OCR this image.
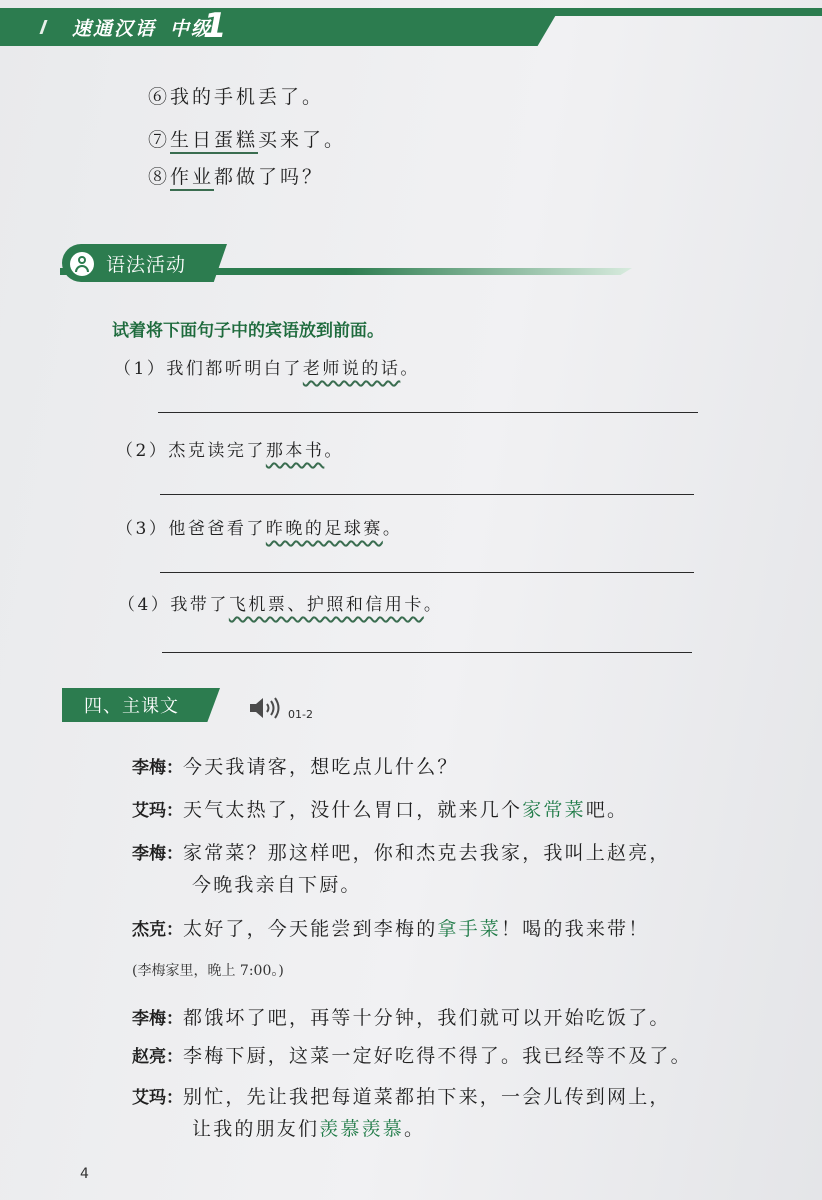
速通汉语 中级
1
⑥我的手机丢了。
⑦生日蛋糕买来了。
⑧作业都做了吗？
语法活动
试着将下面句子中的宾语放到前面。
（1）我们都听明白了老师说的话。
（2）杰克读完了那本书。
（3）他爸爸看了昨晚的足球赛。
（4）我带了飞机票、护照和信用卡。
四、主课文	01-2
李梅：今天我请客，想吃点儿什么？
艾玛：天气太热了，没什么胃口，就来几个家常菜吧。
李梅：家常菜？那这样吧，你和杰克去我家，我叫上赵亮，
今晚我亲自下厨。
杰克：太好了，今天能尝到李梅的拿手菜！喝的我来带！
(李梅家里，晚上 7:00。)
李梅：都饿坏了吧，再等十分钟，我们就可以开始吃饭了。
赵亮：李梅下厨，这菜一定好吃得不得了。我已经等不及了。
艾玛：别忙，先让我把每道菜都拍下来，一会儿传到网上，
让我的朋友们羡慕羡慕。
4
